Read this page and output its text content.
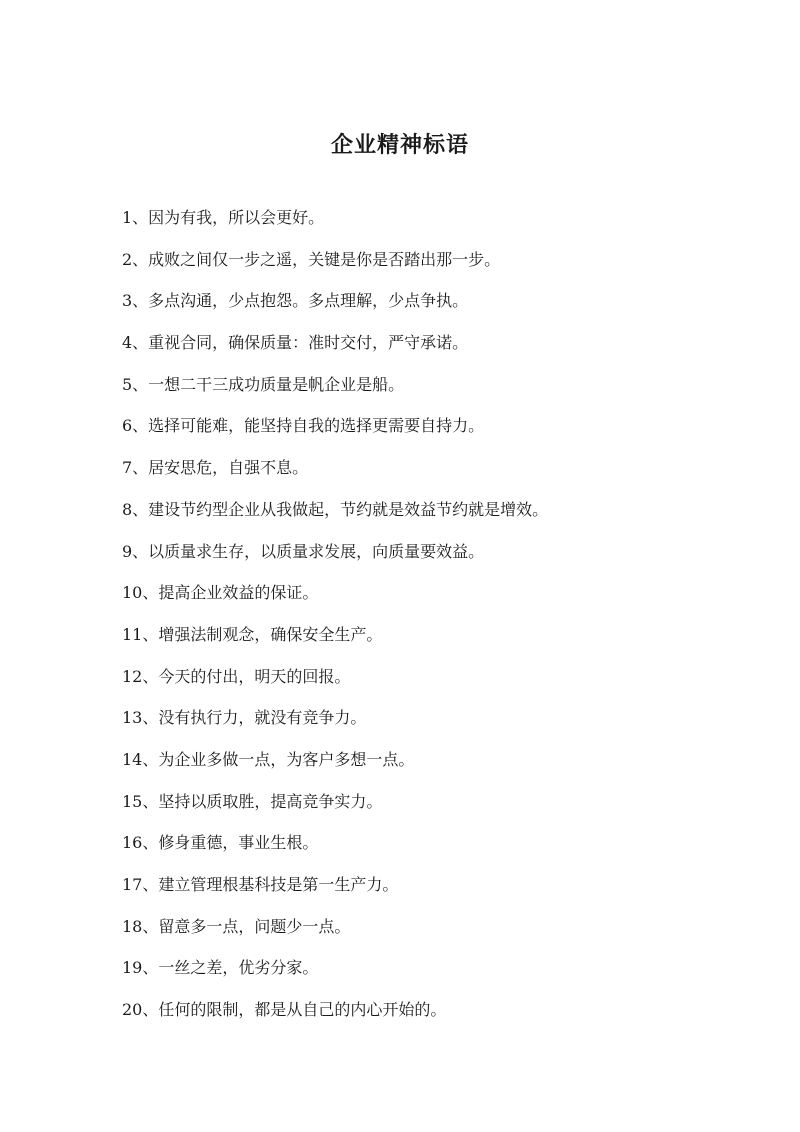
企业精神标语
1、因为有我，所以会更好。
2、成败之间仅一步之遥，关键是你是否踏出那一步。
3、多点沟通，少点抱怨。多点理解，少点争执。
4、重视合同，确保质量：准时交付，严守承诺。
5、一想二干三成功质量是帆企业是船。
6、选择可能难，能坚持自我的选择更需要自持力。
7、居安思危，自强不息。
8、建设节约型企业从我做起，节约就是效益节约就是增效。
9、以质量求生存，以质量求发展，向质量要效益。
10、提高企业效益的保证。
11、增强法制观念，确保安全生产。
12、今天的付出，明天的回报。
13、没有执行力，就没有竞争力。
14、为企业多做一点，为客户多想一点。
15、坚持以质取胜，提高竞争实力。
16、修身重德，事业生根。
17、建立管理根基科技是第一生产力。
18、留意多一点，问题少一点。
19、一丝之差，优劣分家。
20、任何的限制，都是从自己的内心开始的。
